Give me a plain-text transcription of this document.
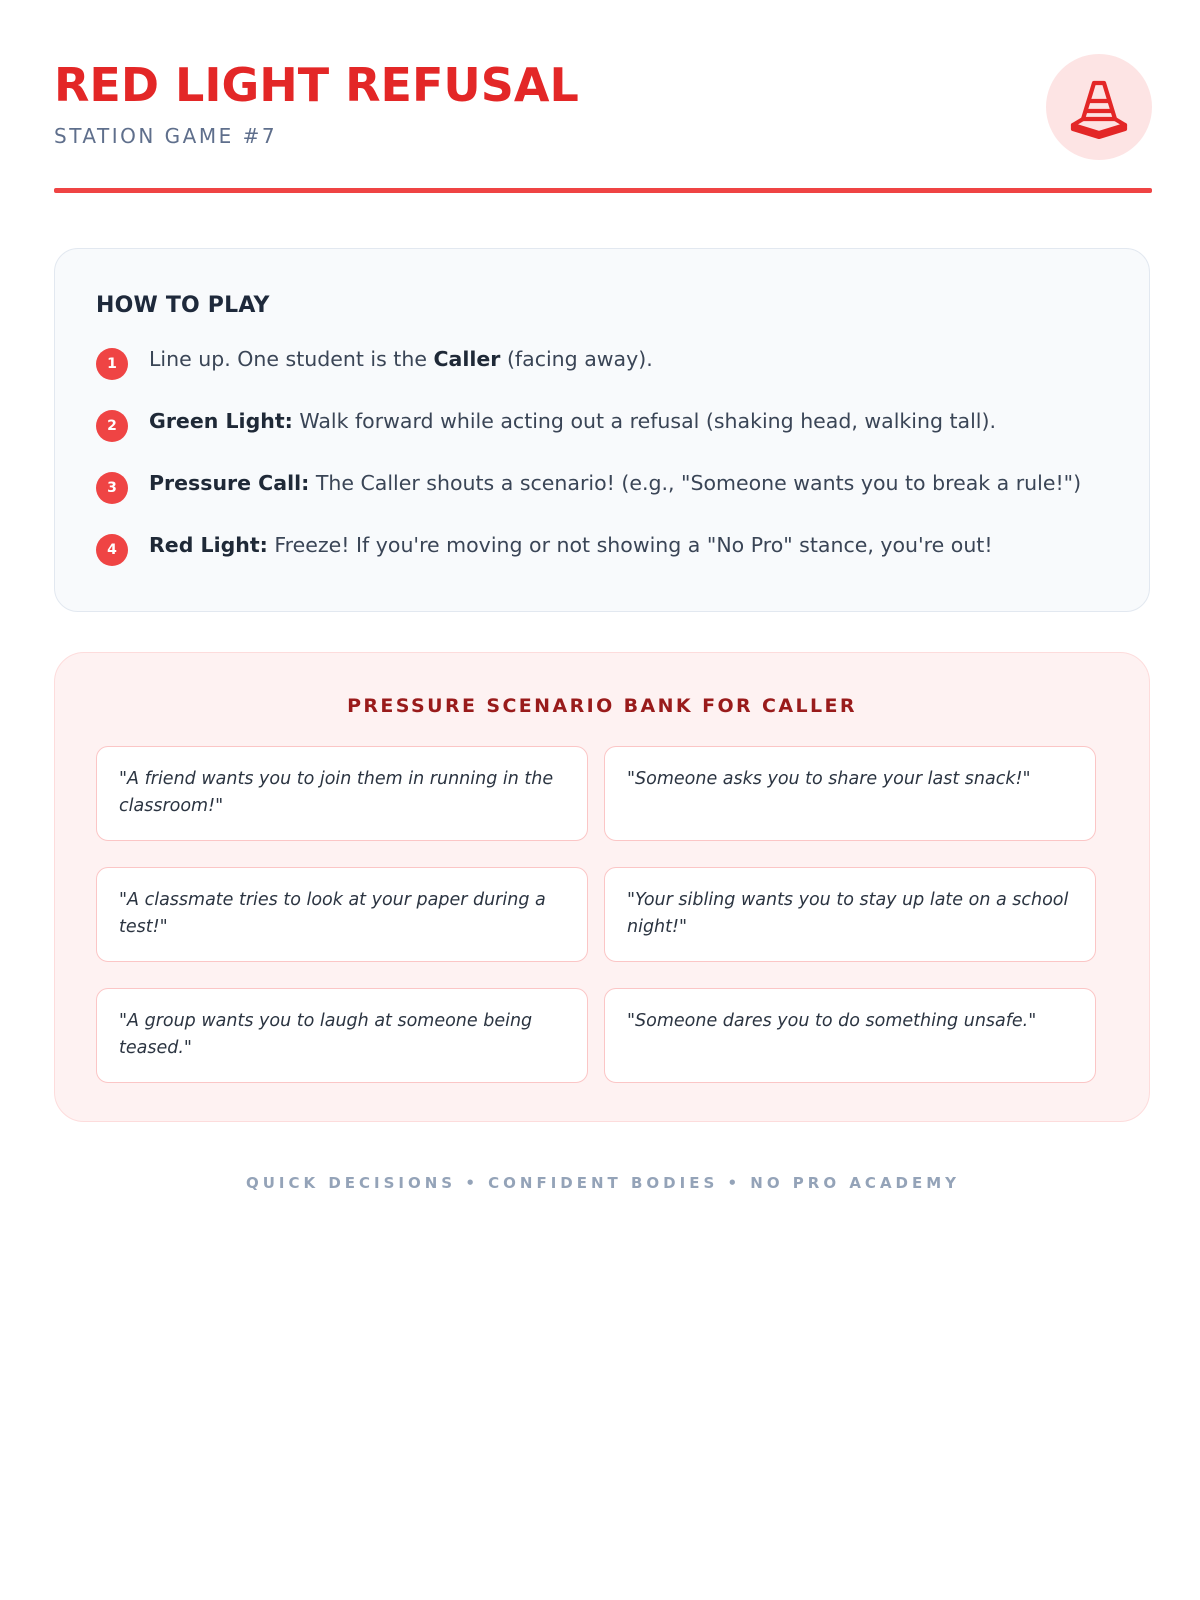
RED LIGHT REFUSAL
STATION GAME #7
HOW TO PLAY
1	Line up. One student is the Caller (facing away).
2	Green Light: Walk forward while acting out a refusal (shaking head, walking tall).
3	Pressure Call: The Caller shouts a scenario! (e.g., "Someone wants you to break a rule!")
4	Red Light: Freeze! If you're moving or not showing a "No Pro" stance, you're out!
PRESSURE SCENARIO BANK FOR CALLER
"A friend wants you to join them in running in the classroom!"
"Someone asks you to share your last snack!"
"A classmate tries to look at your paper during a test!"
"Your sibling wants you to stay up late on a school night!"
"A group wants you to laugh at someone being teased."
"Someone dares you to do something unsafe."
QUICK DECISIONS • CONFIDENT BODIES • NO PRO ACADEMY
